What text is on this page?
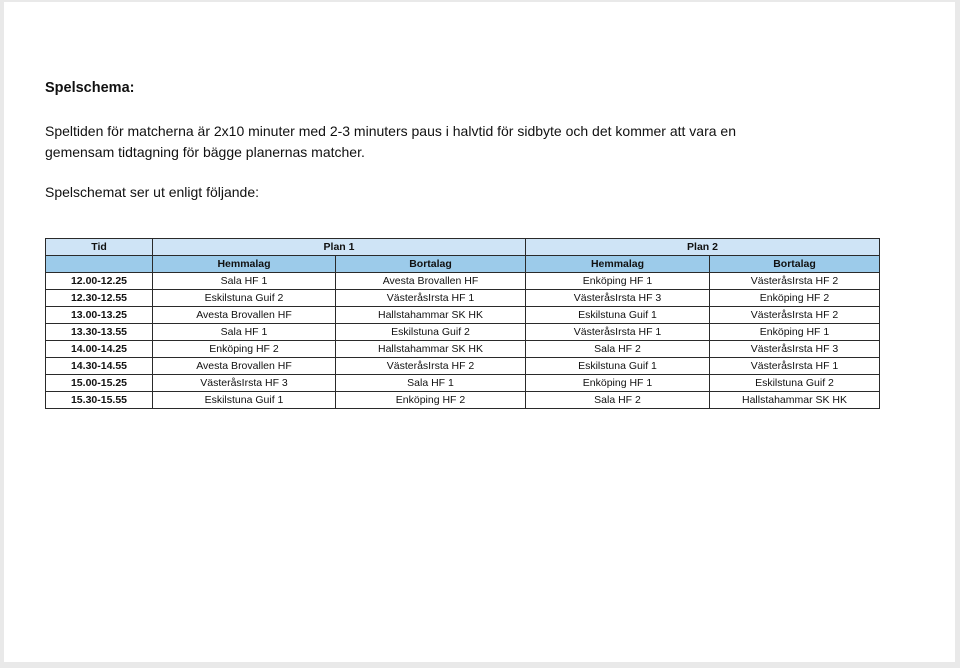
Spelschema:

Speltiden för matcherna är 2x10 minuter med 2-3 minuters paus i halvtid för sidbyte och det kommer att vara en
gemensam tidtagning för bägge planernas matcher.

Spelschemat ser ut enligt följande:

Tid	Plan 1		Plan 2	
	Hemmalag	Bortalag	Hemmalag	Bortalag
12.00-12.25	Sala HF 1	Avesta Brovallen HF	Enköping HF 1	VästeråsIrsta HF 2
12.30-12.55	Eskilstuna Guif 2	VästeråsIrsta HF 1	VästeråsIrsta HF 3	Enköping HF 2
13.00-13.25	Avesta Brovallen HF	Hallstahammar SK HK	Eskilstuna Guif 1	VästeråsIrsta HF 2
13.30-13.55	Sala HF 1	Eskilstuna Guif 2	VästeråsIrsta HF 1	Enköping HF 1
14.00-14.25	Enköping HF 2	Hallstahammar SK HK	Sala HF 2	VästeråsIrsta HF 3
14.30-14.55	Avesta Brovallen HF	VästeråsIrsta HF 2	Eskilstuna Guif 1	VästeråsIrsta HF 1
15.00-15.25	VästeråsIrsta HF 3	Sala HF 1	Enköping HF 1	Eskilstuna Guif 2
15.30-15.55	Eskilstuna Guif 1	Enköping HF 2	Sala HF 2	Hallstahammar SK HK
